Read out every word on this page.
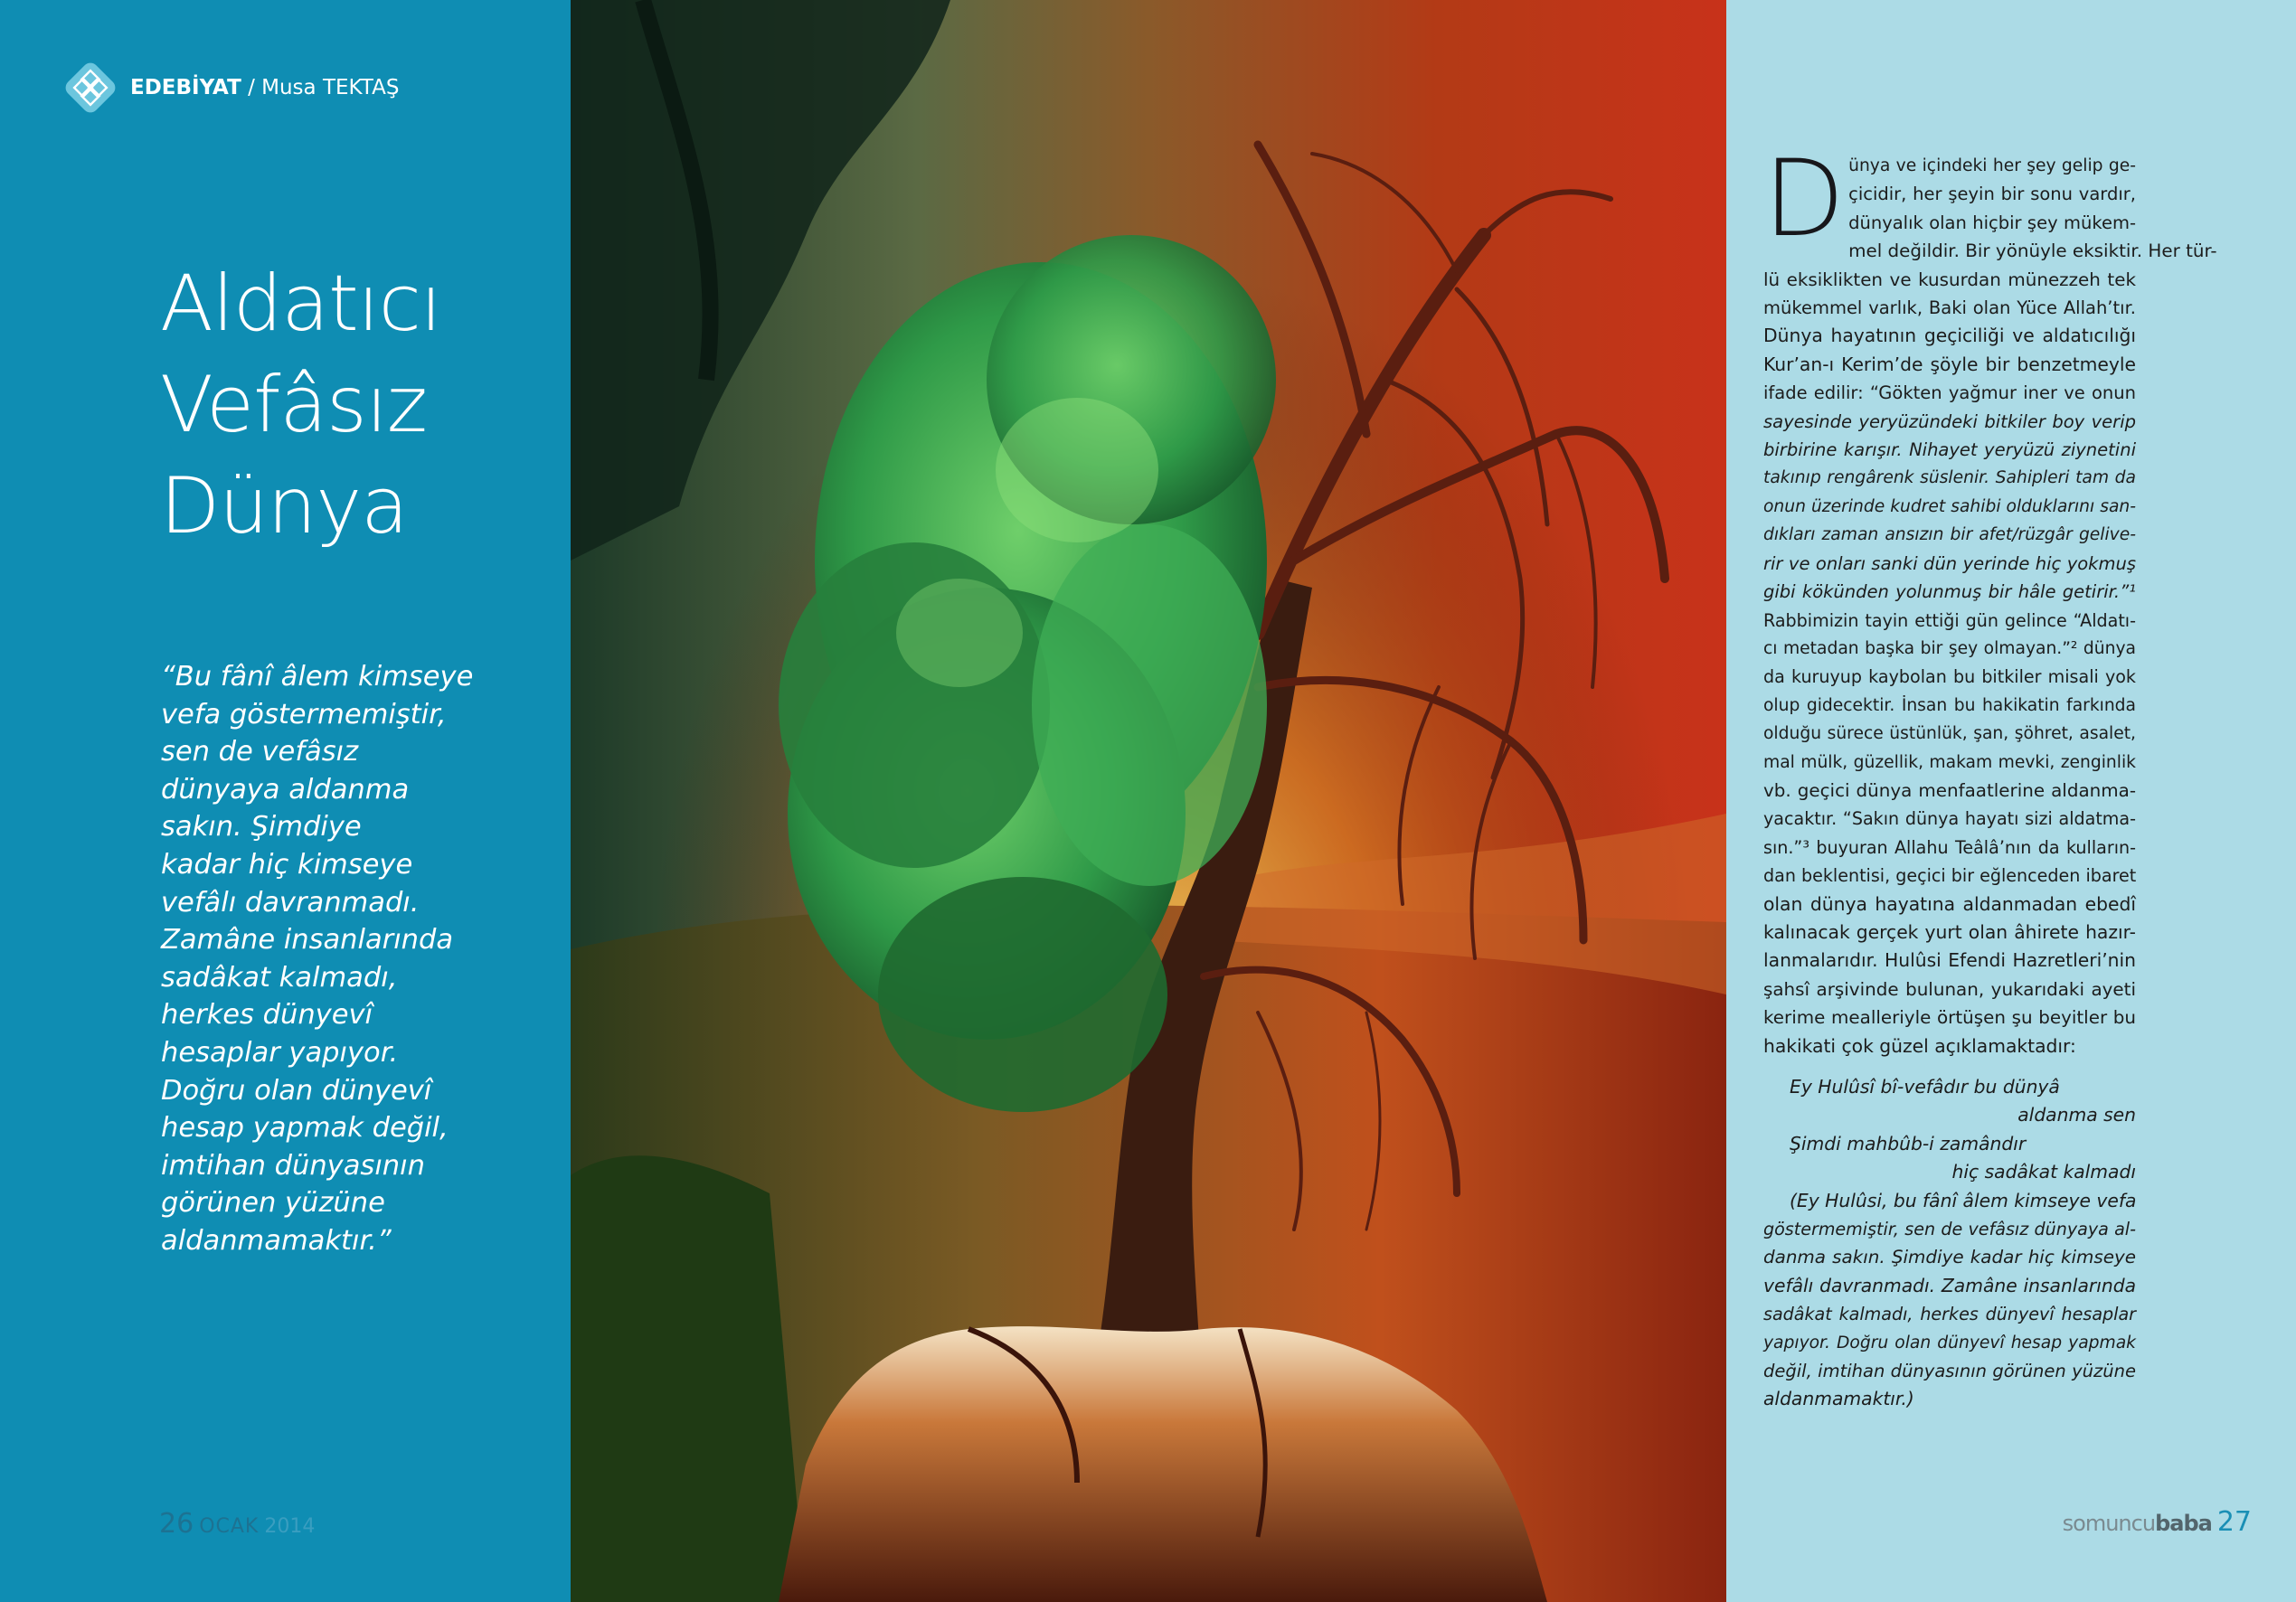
EDEBİYAT / Musa TEKTAŞ
Aldatıcı
Vefâsız
Dünya
“Bu fânî âlem kimseye
vefa göstermemiştir,
sen de vefâsız
dünyaya aldanma
sakın. Şimdiye
kadar hiç kimseye
vefâlı davranmadı.
Zamâne insanlarında
sadâkat kalmadı,
herkes dünyevî
hesaplar yapıyor.
Doğru olan dünyevî
hesap yapmak değil,
imtihan dünyasının
görünen yüzüne
aldanmamaktır.”
26 OCAK 2014
D ünya ve içindeki her şey gelip ge-
çicidir, her şeyin bir sonu vardır,
dünyalık olan hiçbir şey mükem-
mel değildir. Bir yönüyle eksiktir. Her tür-
lü eksiklikten ve kusurdan münezzeh tek
mükemmel varlık, Baki olan Yüce Allah’tır.
Dünya hayatının geçiciliği ve aldatıcılığı
Kur’an-ı Kerim’de şöyle bir benzetmeyle
ifade edilir: “Gökten yağmur iner ve onun
sayesinde yeryüzündeki bitkiler boy verip
birbirine karışır. Nihayet yeryüzü ziynetini
takınıp rengârenk süslenir. Sahipleri tam da
onun üzerinde kudret sahibi olduklarını san-
dıkları zaman ansızın bir afet/rüzgâr gelive-
rir ve onları sanki dün yerinde hiç yokmuş
gibi kökünden yolunmuş bir hâle getirir.”¹
Rabbimizin tayin ettiği gün gelince “Aldatı-
cı metadan başka bir şey olmayan.”² dünya
da kuruyup kaybolan bu bitkiler misali yok
olup gidecektir. İnsan bu hakikatin farkında
olduğu sürece üstünlük, şan, şöhret, asalet,
mal mülk, güzellik, makam mevki, zenginlik
vb. geçici dünya menfaatlerine aldanma-
yacaktır. “Sakın dünya hayatı sizi aldatma-
sın.”³ buyuran Allahu Teâlâ’nın da kulların-
dan beklentisi, geçici bir eğlenceden ibaret
olan dünya hayatına aldanmadan ebedî
kalınacak gerçek yurt olan âhirete hazır-
lanmalarıdır. Hulûsi Efendi Hazretleri’nin
şahsî arşivinde bulunan, yukarıdaki ayeti
kerime mealleriyle örtüşen şu beyitler bu
hakikati çok güzel açıklamaktadır:
Ey Hulûsî bî-vefâdır bu dünyâ
aldanma sen
Şimdi mahbûb-i zamândır
hiç sadâkat kalmadı
(Ey Hulûsi, bu fânî âlem kimseye vefa
göstermemiştir, sen de vefâsız dünyaya al-
danma sakın. Şimdiye kadar hiç kimseye
vefâlı davranmadı. Zamâne insanlarında
sadâkat kalmadı, herkes dünyevî hesaplar
yapıyor. Doğru olan dünyevî hesap yapmak
değil, imtihan dünyasının görünen yüzüne
aldanmamaktır.)
somuncubaba 27
